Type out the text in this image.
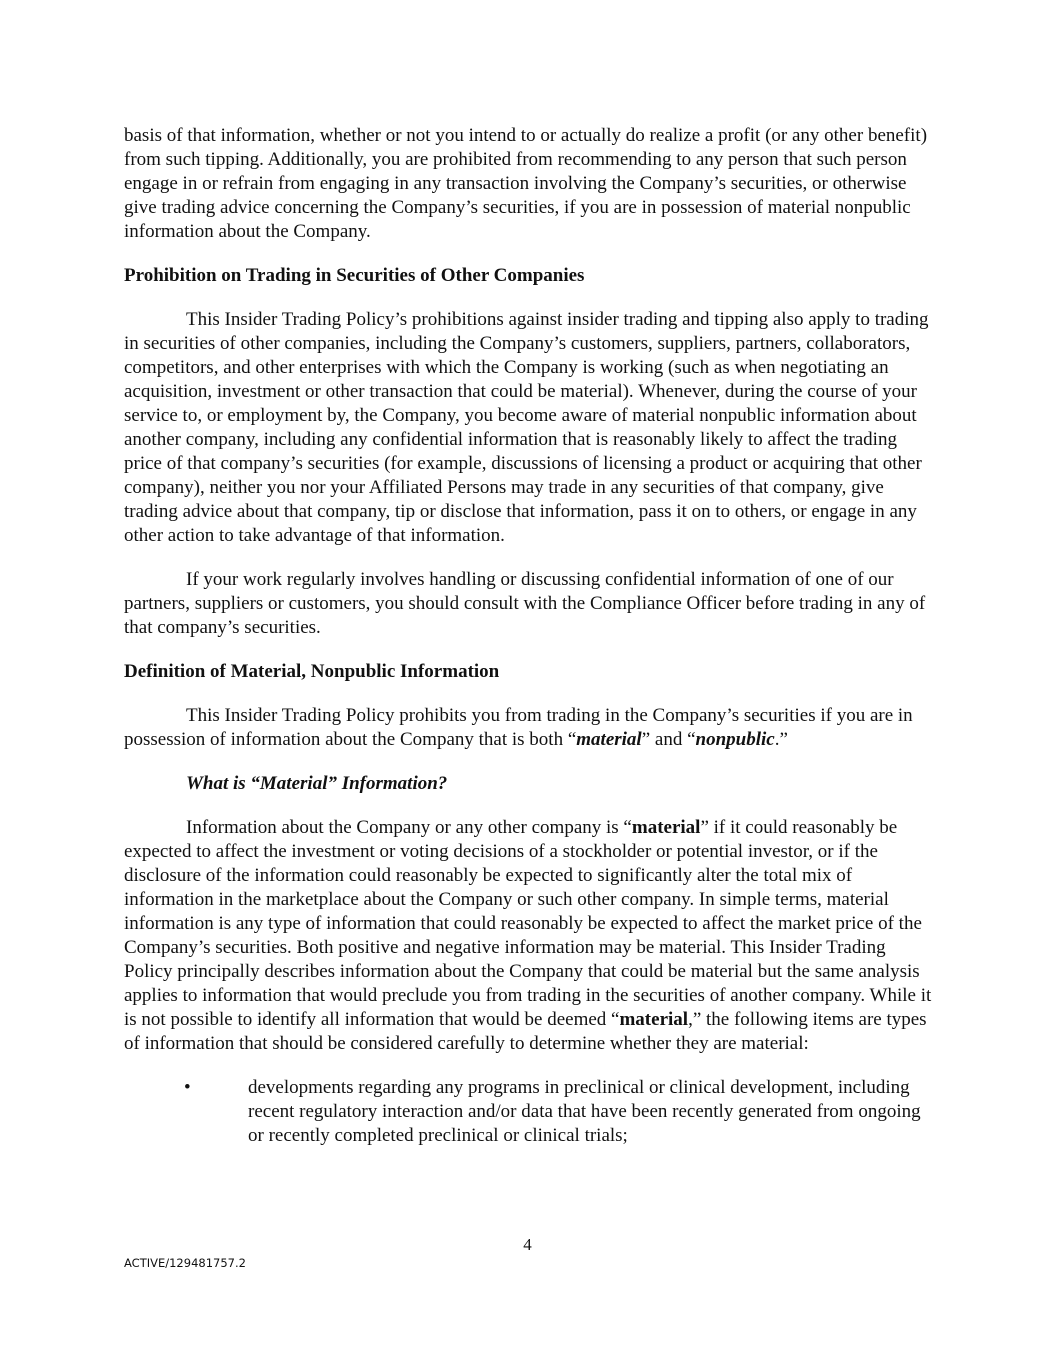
basis of that information, whether or not you intend to or actually do realize a profit (or any other benefit) from such tipping. Additionally, you are prohibited from recommending to any person that such person engage in or refrain from engaging in any transaction involving the Company’s securities, or otherwise give trading advice concerning the Company’s securities, if you are in possession of material nonpublic information about the Company.

Prohibition on Trading in Securities of Other Companies

This Insider Trading Policy’s prohibitions against insider trading and tipping also apply to trading in securities of other companies, including the Company’s customers, suppliers, partners, collaborators, competitors, and other enterprises with which the Company is working (such as when negotiating an acquisition, investment or other transaction that could be material). Whenever, during the course of your service to, or employment by, the Company, you become aware of material nonpublic information about another company, including any confidential information that is reasonably likely to affect the trading price of that company’s securities (for example, discussions of licensing a product or acquiring that other company), neither you nor your Affiliated Persons may trade in any securities of that company, give trading advice about that company, tip or disclose that information, pass it on to others, or engage in any other action to take advantage of that information.

If your work regularly involves handling or discussing confidential information of one of our partners, suppliers or customers, you should consult with the Compliance Officer before trading in any of that company’s securities.

Definition of Material, Nonpublic Information

This Insider Trading Policy prohibits you from trading in the Company’s securities if you are in possession of information about the Company that is both “material” and “nonpublic.”

What is “Material” Information?

Information about the Company or any other company is “material” if it could reasonably be expected to affect the investment or voting decisions of a stockholder or potential investor, or if the disclosure of the information could reasonably be expected to significantly alter the total mix of information in the marketplace about the Company or such other company. In simple terms, material information is any type of information that could reasonably be expected to affect the market price of the Company’s securities. Both positive and negative information may be material. This Insider Trading Policy principally describes information about the Company that could be material but the same analysis applies to information that would preclude you from trading in the securities of another company. While it is not possible to identify all information that would be deemed “material,” the following items are types of information that should be considered carefully to determine whether they are material:

•	developments regarding any programs in preclinical or clinical development, including recent regulatory interaction and/or data that have been recently generated from ongoing or recently completed preclinical or clinical trials;
4
ACTIVE/129481757.2
